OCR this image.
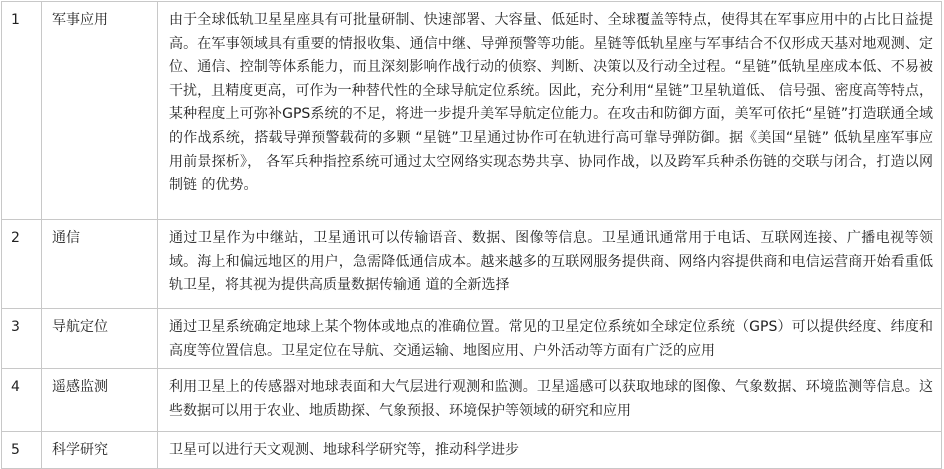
1	军事应用	由于全球低轨卫星星座具有可批量研制、快速部署、大容量、低延时、全球覆盖等特点，使得其在军事应用中的占比日益提高。在军事领域具有重要的情报收集、通信中继、导弹预警等功能。星链等低轨星座与军事结合不仅形成天基对地观测、定位、通信、控制等体系能力，而且深刻影响作战行动的侦察、判断、决策以及行动全过程。“星链”低轨星座成本低、不易被干扰，且精度更高，可作为一种替代性的全球导航定位系统。因此，充分利用“星链”卫星轨道低、 信号强、密度高等特点，某种程度上可弥补GPS系统的不足，将进一步提升美军导航定位能力。在攻击和防御方面，美军可依托“星链”打造联通全域的作战系统，搭载导弹预警载荷的多颗 “星链”卫星通过协作可在轨进行高可靠导弹防御。据《美国“星链” 低轨星座军事应用前景探析》， 各军兵种指控系统可通过太空网络实现态势共享、协同作战，以及跨军兵种杀伤链的交联与闭合，打造以网制链 的优势。
2	通信	通过卫星作为中继站，卫星通讯可以传输语音、数据、图像等信息。卫星通讯通常用于电话、互联网连接、广播电视等领域。海上和偏远地区的用户，急需降低通信成本。越来越多的互联网服务提供商、网络内容提供商和电信运营商开始看重低轨卫星，将其视为提供高质量数据传输通 道的全新选择
3	导航定位	通过卫星系统确定地球上某个物体或地点的准确位置。常见的卫星定位系统如全球定位系统（GPS）可以提供经度、纬度和高度等位置信息。卫星定位在导航、交通运输、地图应用、户外活动等方面有广泛的应用
4	遥感监测	利用卫星上的传感器对地球表面和大气层进行观测和监测。卫星遥感可以获取地球的图像、气象数据、环境监测等信息。这些数据可以用于农业、地质勘探、气象预报、环境保护等领域的研究和应用
5	科学研究	卫星可以进行天文观测、地球科学研究等，推动科学进步
